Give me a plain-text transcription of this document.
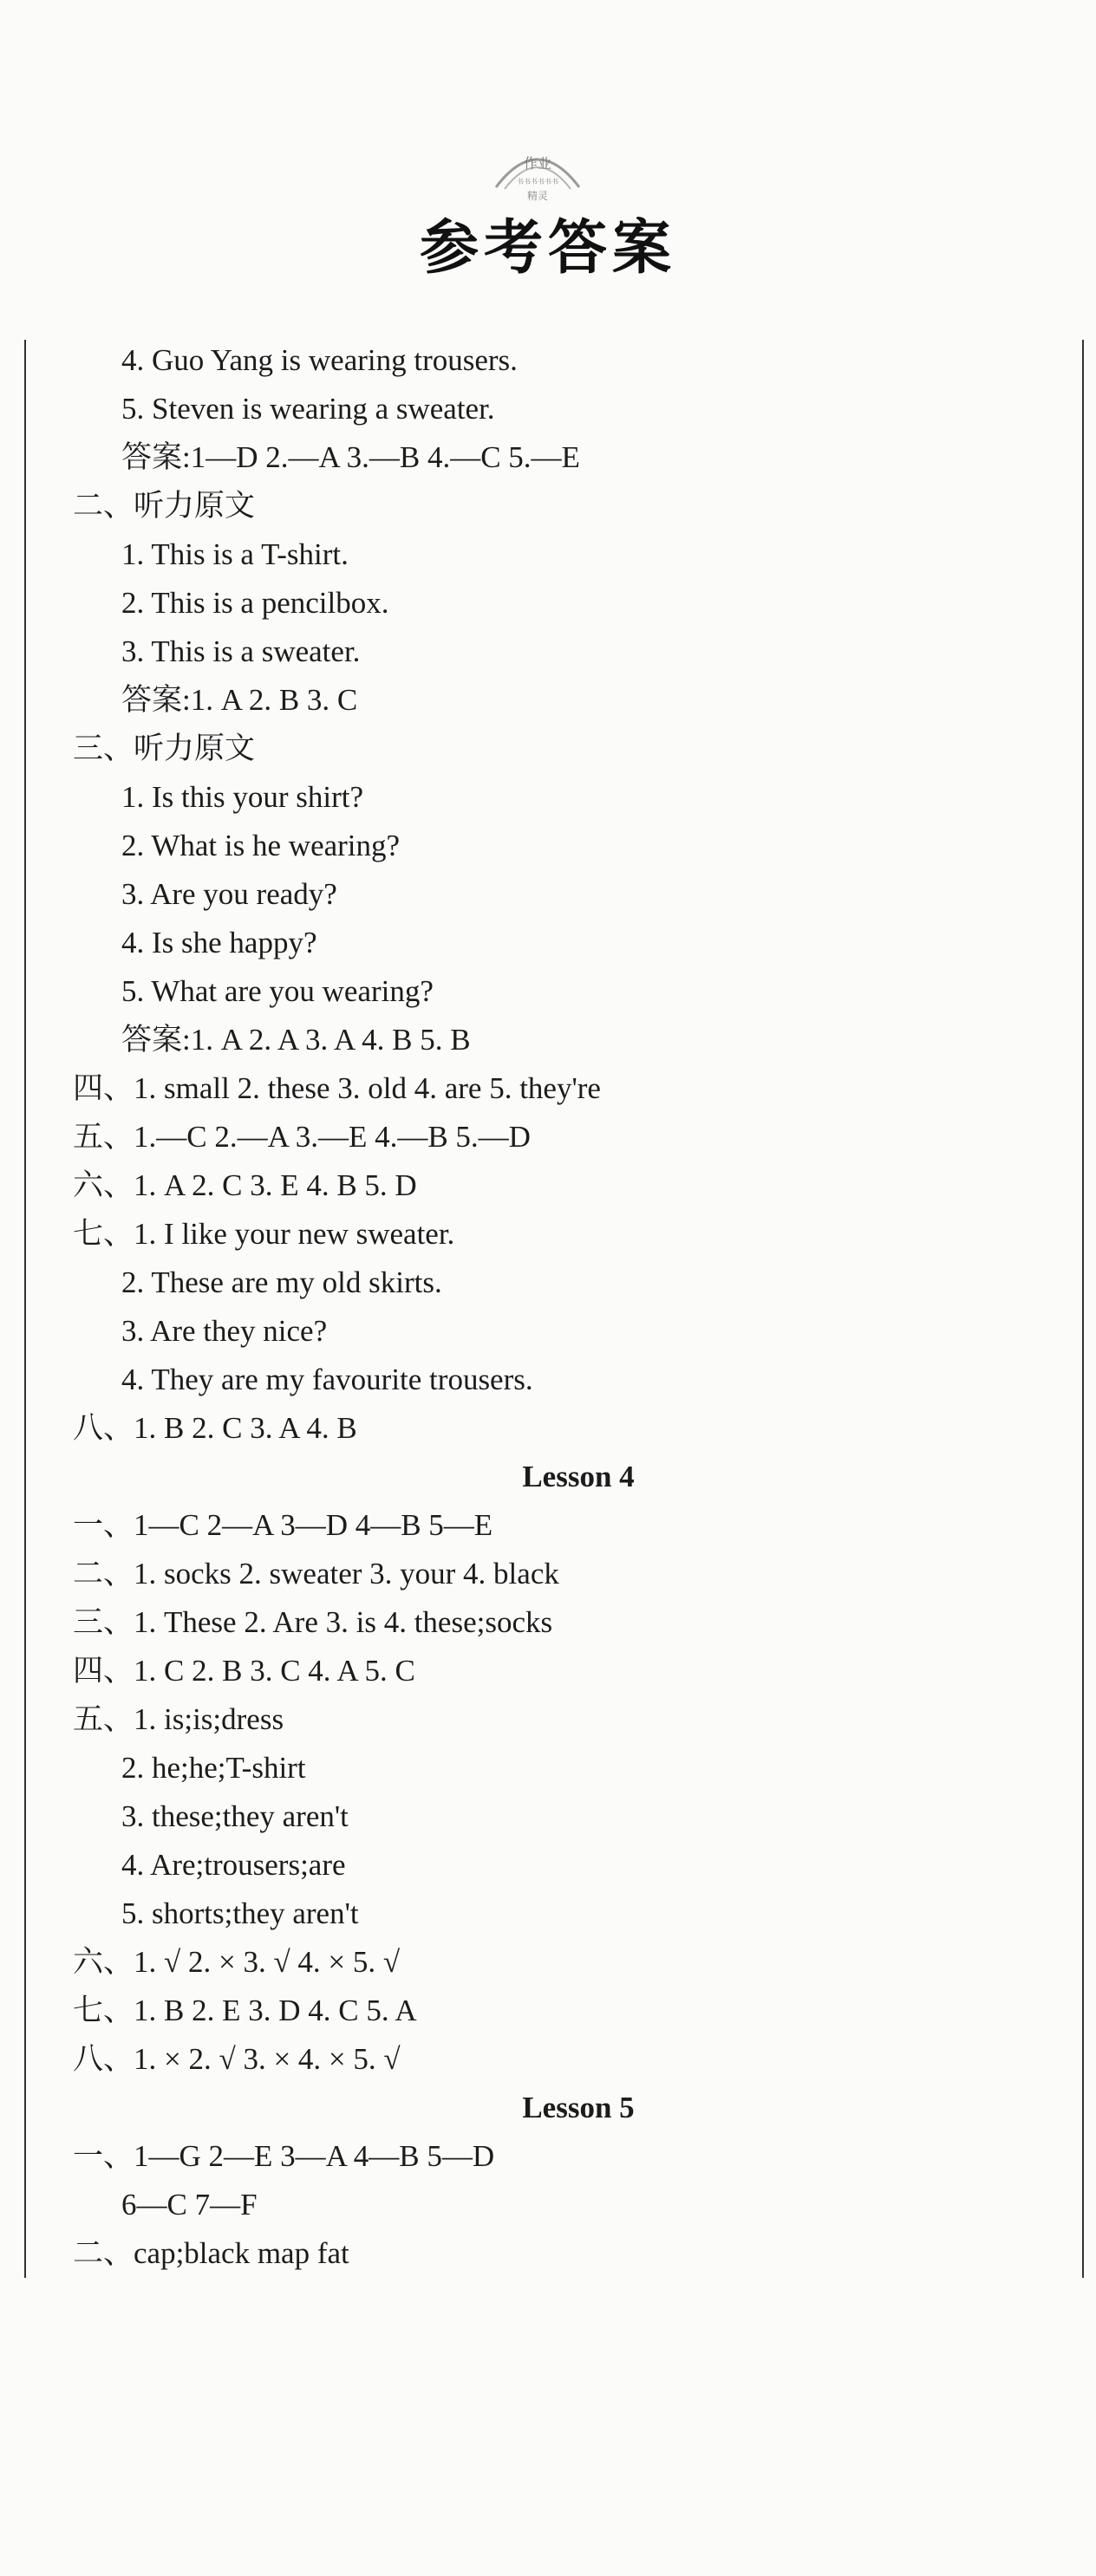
作业
书书书书书书
精灵
参考答案
4. Guo Yang is wearing trousers.
5. Steven is wearing a sweater.
答案:1—D 2.—A 3.—B 4.—C 5.—E
二、听力原文
1. This is a T-shirt.
2. This is a pencilbox.
3. This is a sweater.
答案:1. A 2. B 3. C
三、听力原文
1. Is this your shirt?
2. What is he wearing?
3. Are you ready?
4. Is she happy?
5. What are you wearing?
答案:1. A 2. A 3. A 4. B 5. B
四、1. small 2. these 3. old 4. are 5. they're
五、1.—C 2.—A 3.—E 4.—B 5.—D
六、1. A 2. C 3. E 4. B 5. D
七、1. I like your new sweater.
2. These are my old skirts.
3. Are they nice?
4. They are my favourite trousers.
八、1. B 2. C 3. A 4. B
Lesson 4
一、1—C 2—A 3—D 4—B 5—E
二、1. socks 2. sweater 3. your 4. black
三、1. These 2. Are 3. is 4. these;socks
四、1. C 2. B 3. C 4. A 5. C
五、1. is;is;dress
2. he;he;T-shirt
3. these;they aren't
4. Are;trousers;are
5. shorts;they aren't
六、1. √ 2. × 3. √ 4. × 5. √
七、1. B 2. E 3. D 4. C 5. A
八、1. × 2. √ 3. × 4. × 5. √
Lesson 5
一、1—G 2—E 3—A 4—B 5—D
6—C 7—F
二、cap;black map fat
